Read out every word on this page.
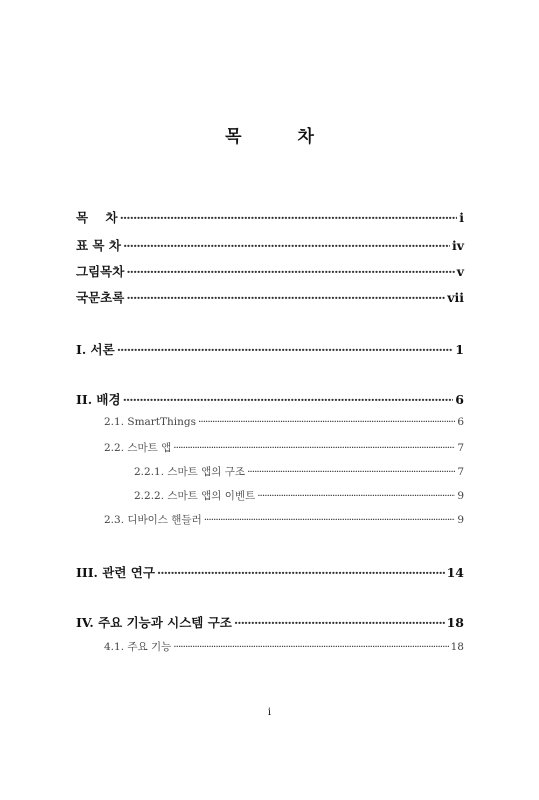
목	차
목    차 ·····	i
표 목 차 ·····	iv
그림목차 ·····	v
국문초록 ·····	vii
I. 서론 ·····	1
II. 배경 ·····	6
2.1. SmartThings ·····	6
2.2. 스마트 앱 ·····	7
2.2.1. 스마트 앱의 구조 ·····	7
2.2.2. 스마트 앱의 이벤트 ·····	9
2.3. 디바이스 핸들러 ·····	9
III. 관련 연구 ·····	14
IV. 주요 기능과 시스템 구조 ·····	18
4.1. 주요 기능 ·····	18
i
